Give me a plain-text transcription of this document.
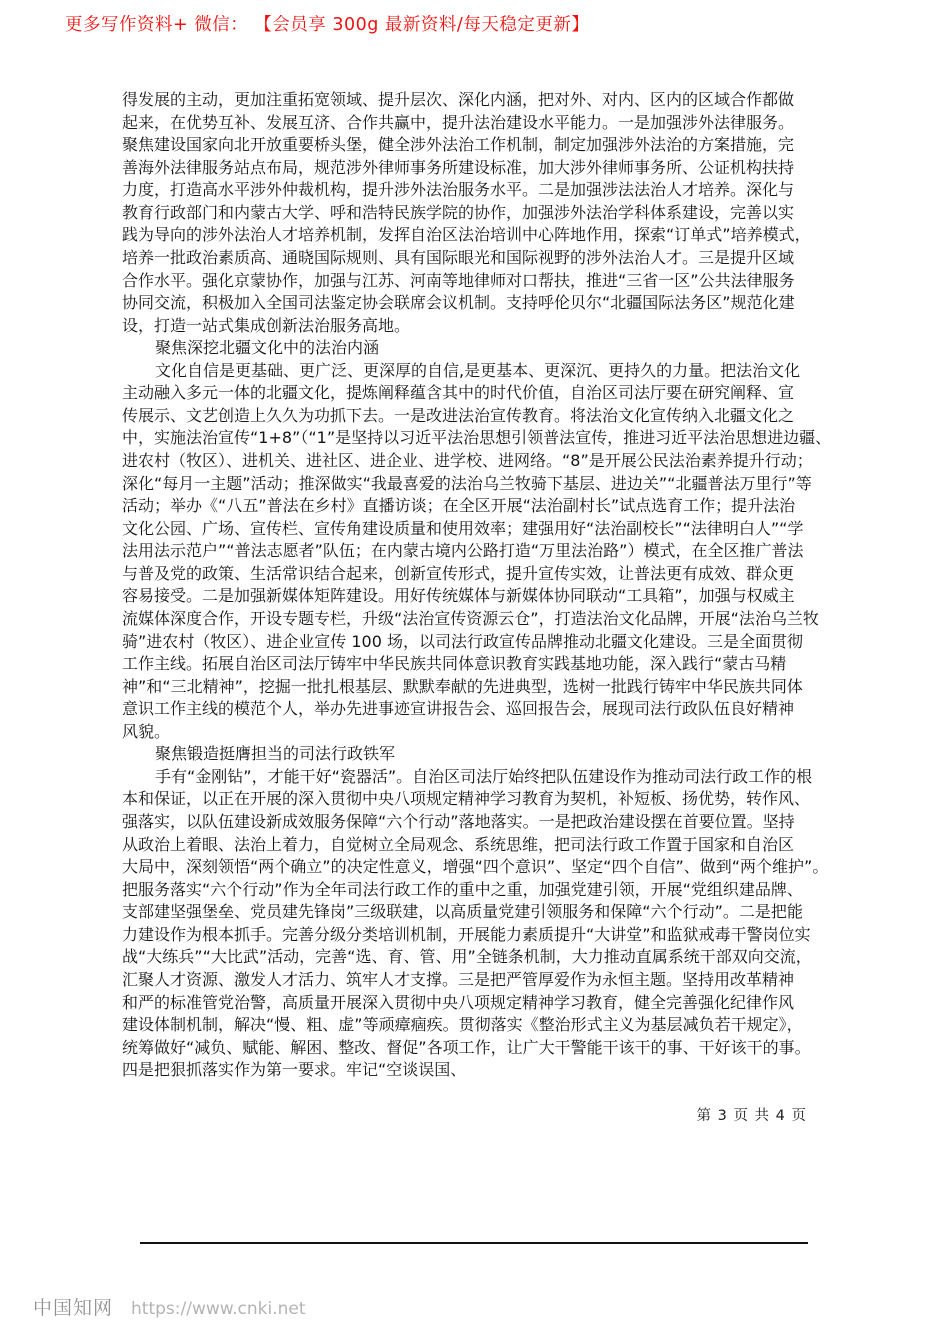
更多写作资料+ 微信： 【会员享 300g 最新资料/每天稳定更新】
得发展的主动，更加注重拓宽领域、提升层次、深化内涵，把对外、对内、区内的区域合作都做
起来，在优势互补、发展互济、合作共赢中，提升法治建设水平能力。一是加强涉外法律服务。
聚焦建设国家向北开放重要桥头堡，健全涉外法治工作机制，制定加强涉外法治的方案措施，完
善海外法律服务站点布局，规范涉外律师事务所建设标准，加大涉外律师事务所、公证机构扶持
力度，打造高水平涉外仲裁机构，提升涉外法治服务水平。二是加强涉法法治人才培养。深化与
教育行政部门和内蒙古大学、呼和浩特民族学院的协作，加强涉外法治学科体系建设，完善以实
践为导向的涉外法治人才培养机制，发挥自治区法治培训中心阵地作用，探索“订单式”培养模式，
培养一批政治素质高、通晓国际规则、具有国际眼光和国际视野的涉外法治人才。三是提升区域
合作水平。强化京蒙协作，加强与江苏、河南等地律师对口帮扶，推进“三省一区”公共法律服务
协同交流，积极加入全国司法鉴定协会联席会议机制。支持呼伦贝尔“北疆国际法务区”规范化建
设，打造一站式集成创新法治服务高地。
聚焦深挖北疆文化中的法治内涵
文化自信是更基础、更广泛、更深厚的自信,是更基本、更深沉、更持久的力量。把法治文化
主动融入多元一体的北疆文化，提炼阐释蕴含其中的时代价值，自治区司法厅要在研究阐释、宣
传展示、文艺创造上久久为功抓下去。一是改进法治宣传教育。将法治文化宣传纳入北疆文化之
中，实施法治宣传“1+8”（“1”是坚持以习近平法治思想引领普法宣传，推进习近平法治思想进边疆、
进农村（牧区）、进机关、进社区、进企业、进学校、进网络。“8”是开展公民法治素养提升行动；
深化“每月一主题”活动；推深做实“我最喜爱的法治乌兰牧骑下基层、进边关”“北疆普法万里行”等
活动；举办《“八五”普法在乡村》直播访谈；在全区开展“法治副村长”试点选育工作；提升法治
文化公园、广场、宣传栏、宣传角建设质量和使用效率；建强用好“法治副校长”“法律明白人”“学
法用法示范户”“普法志愿者”队伍；在内蒙古境内公路打造“万里法治路”）模式，在全区推广普法
与普及党的政策、生活常识结合起来，创新宣传形式，提升宣传实效，让普法更有成效、群众更
容易接受。二是加强新媒体矩阵建设。用好传统媒体与新媒体协同联动“工具箱”，加强与权威主
流媒体深度合作，开设专题专栏，升级“法治宣传资源云仓”，打造法治文化品牌，开展“法治乌兰牧
骑”进农村（牧区）、进企业宣传 100 场，以司法行政宣传品牌推动北疆文化建设。三是全面贯彻
工作主线。拓展自治区司法厅铸牢中华民族共同体意识教育实践基地功能，深入践行“蒙古马精
神”和“三北精神”，挖掘一批扎根基层、默默奉献的先进典型，选树一批践行铸牢中华民族共同体
意识工作主线的模范个人，举办先进事迹宣讲报告会、巡回报告会，展现司法行政队伍良好精神
风貌。
聚焦锻造挺膺担当的司法行政铁军
手有“金刚钻”，才能干好“瓷器活”。自治区司法厅始终把队伍建设作为推动司法行政工作的根
本和保证，以正在开展的深入贯彻中央八项规定精神学习教育为契机，补短板、扬优势，转作风、
强落实，以队伍建设新成效服务保障“六个行动”落地落实。一是把政治建设摆在首要位置。坚持
从政治上着眼、法治上着力，自觉树立全局观念、系统思维，把司法行政工作置于国家和自治区
大局中，深刻领悟“两个确立”的决定性意义，增强“四个意识”、坚定“四个自信”、做到“两个维护”。
把服务落实“六个行动”作为全年司法行政工作的重中之重，加强党建引领，开展“党组织建品牌、
支部建坚强堡垒、党员建先锋岗”三级联建，以高质量党建引领服务和保障“六个行动”。二是把能
力建设作为根本抓手。完善分级分类培训机制，开展能力素质提升“大讲堂”和监狱戒毒干警岗位实
战“大练兵”“大比武”活动，完善“选、育、管、用”全链条机制，大力推动直属系统干部双向交流，
汇聚人才资源、激发人才活力、筑牢人才支撑。三是把严管厚爱作为永恒主题。坚持用改革精神
和严的标准管党治警，高质量开展深入贯彻中央八项规定精神学习教育，健全完善强化纪律作风
建设体制机制，解决“慢、粗、虚”等顽瘴痼疾。贯彻落实《整治形式主义为基层减负若干规定》，
统筹做好“减负、赋能、解困、整改、督促”各项工作，让广大干警能干该干的事、干好该干的事。
四是把狠抓落实作为第一要求。牢记“空谈误国、
第 3 页 共 4 页
中国知网 https://www.cnki.net
